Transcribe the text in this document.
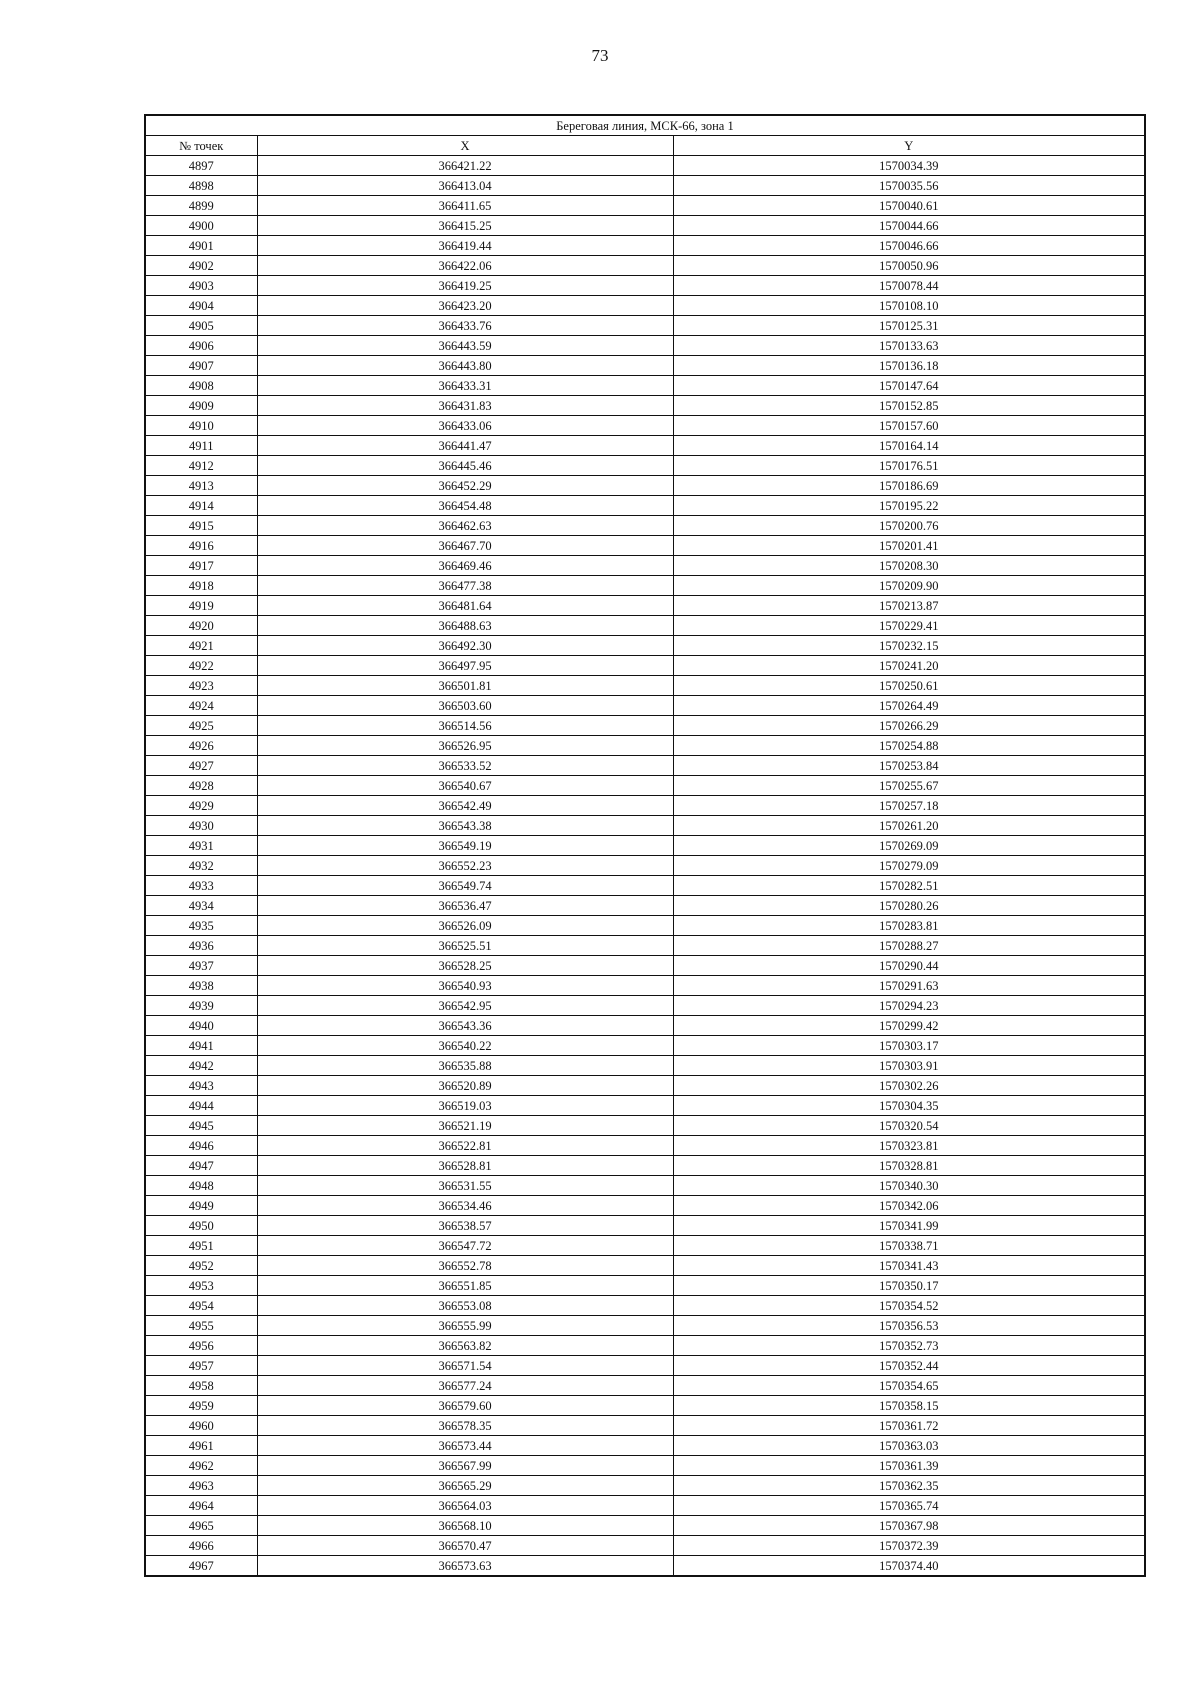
73
Береговая линия, МСК-66, зона 1		
№ точек	X	Y
4897	366421.22	1570034.39
4898	366413.04	1570035.56
4899	366411.65	1570040.61
4900	366415.25	1570044.66
4901	366419.44	1570046.66
4902	366422.06	1570050.96
4903	366419.25	1570078.44
4904	366423.20	1570108.10
4905	366433.76	1570125.31
4906	366443.59	1570133.63
4907	366443.80	1570136.18
4908	366433.31	1570147.64
4909	366431.83	1570152.85
4910	366433.06	1570157.60
4911	366441.47	1570164.14
4912	366445.46	1570176.51
4913	366452.29	1570186.69
4914	366454.48	1570195.22
4915	366462.63	1570200.76
4916	366467.70	1570201.41
4917	366469.46	1570208.30
4918	366477.38	1570209.90
4919	366481.64	1570213.87
4920	366488.63	1570229.41
4921	366492.30	1570232.15
4922	366497.95	1570241.20
4923	366501.81	1570250.61
4924	366503.60	1570264.49
4925	366514.56	1570266.29
4926	366526.95	1570254.88
4927	366533.52	1570253.84
4928	366540.67	1570255.67
4929	366542.49	1570257.18
4930	366543.38	1570261.20
4931	366549.19	1570269.09
4932	366552.23	1570279.09
4933	366549.74	1570282.51
4934	366536.47	1570280.26
4935	366526.09	1570283.81
4936	366525.51	1570288.27
4937	366528.25	1570290.44
4938	366540.93	1570291.63
4939	366542.95	1570294.23
4940	366543.36	1570299.42
4941	366540.22	1570303.17
4942	366535.88	1570303.91
4943	366520.89	1570302.26
4944	366519.03	1570304.35
4945	366521.19	1570320.54
4946	366522.81	1570323.81
4947	366528.81	1570328.81
4948	366531.55	1570340.30
4949	366534.46	1570342.06
4950	366538.57	1570341.99
4951	366547.72	1570338.71
4952	366552.78	1570341.43
4953	366551.85	1570350.17
4954	366553.08	1570354.52
4955	366555.99	1570356.53
4956	366563.82	1570352.73
4957	366571.54	1570352.44
4958	366577.24	1570354.65
4959	366579.60	1570358.15
4960	366578.35	1570361.72
4961	366573.44	1570363.03
4962	366567.99	1570361.39
4963	366565.29	1570362.35
4964	366564.03	1570365.74
4965	366568.10	1570367.98
4966	366570.47	1570372.39
4967	366573.63	1570374.40
